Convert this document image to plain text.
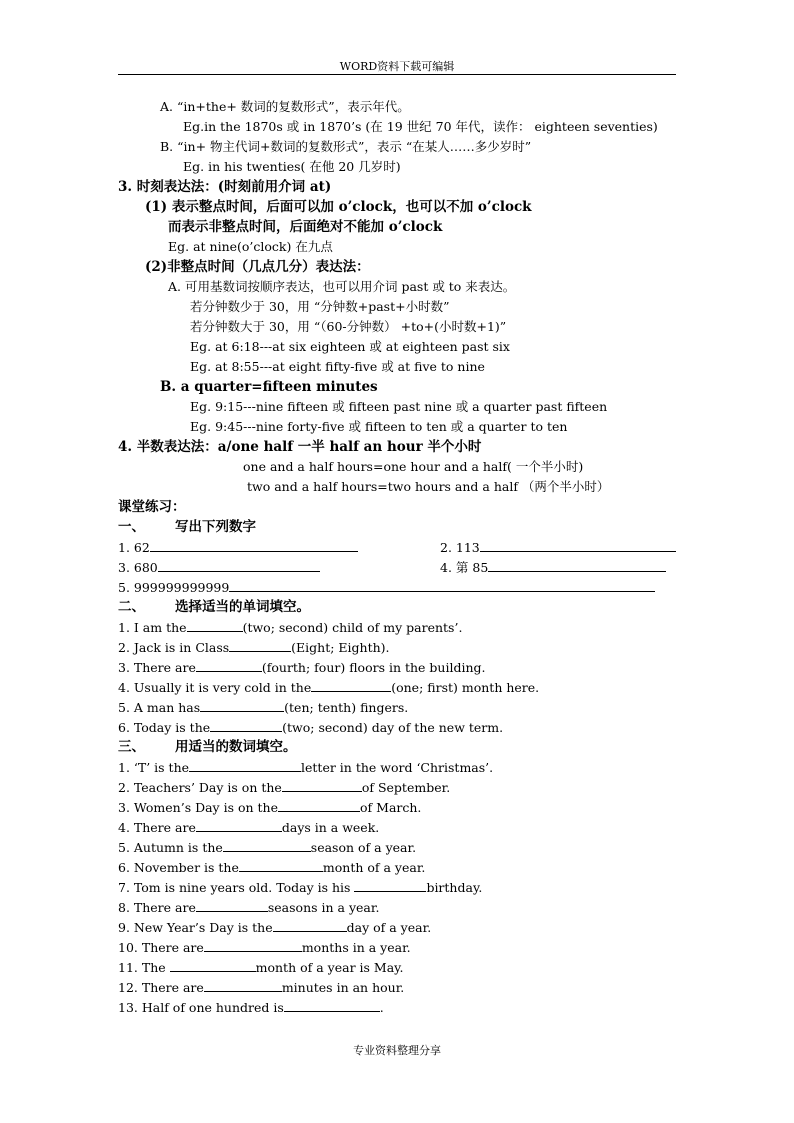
WORD资料下载可编辑
A. “in+the+ 数词的复数形式”，表示年代。
Eg.in the 1870s 或 in 1870’s (在 19 世纪 70 年代，读作： eighteen seventies)
B. “in+ 物主代词+数词的复数形式”，表示 “在某人……多少岁时”
Eg. in his twenties( 在他 20 几岁时)
3. 时刻表达法：(时刻前用介词 at)
(1) 表示整点时间，后面可以加 o’clock，也可以不加 o’clock
而表示非整点时间，后面绝对不能加 o’clock
Eg. at nine(o’clock) 在九点
(2)非整点时间（几点几分）表达法：
A. 可用基数词按顺序表达，也可以用介词 past 或 to 来表达。
若分钟数少于 30，用 “分钟数+past+小时数”
若分钟数大于 30，用 “（60-分钟数） +to+(小时数+1)”
Eg. at 6:18---at six eighteen 或 at eighteen past six
Eg. at 8:55---at eight fifty-five 或 at five to nine
B. a quarter=fifteen minutes
Eg. 9:15---nine fifteen 或 fifteen past nine 或 a quarter past fifteen
Eg. 9:45---nine forty-five 或 fifteen to ten 或 a quarter to ten
4. 半数表达法：a/one half 一半 half an hour 半个小时
one and a half hours=one hour and a half( 一个半小时)
two and a half hours=two hours and a half （两个半小时）
课堂练习：
一、 写出下列数字
1. 62	2. 113
3. 680	4. 第 85
5. 999999999999
二、 选择适当的单词填空。
1. I am the	(two; second) child of my parents’.
2. Jack is in Class	(Eight; Eighth).
3. There are	(fourth; four) floors in the building.
4. Usually it is very cold in the	(one; first) month here.
5. A man has	(ten; tenth) fingers.
6. Today is the	(two; second) day of the new term.
三、 用适当的数词填空。
1. ‘T’ is the	letter in the word ‘Christmas’.
2. Teachers’ Day is on the	of September.
3. Women’s Day is on the	of March.
4. There are	days in a week.
5. Autumn is the	season of a year.
6. November is the	month of a year.
7. Tom is nine years old. Today is his	birthday.
8. There are	seasons in a year.
9. New Year’s Day is the	day of a year.
10. There are	months in a year.
11. The	month of a year is May.
12. There are	minutes in an hour.
13. Half of one hundred is	.
专业资料整理分享
